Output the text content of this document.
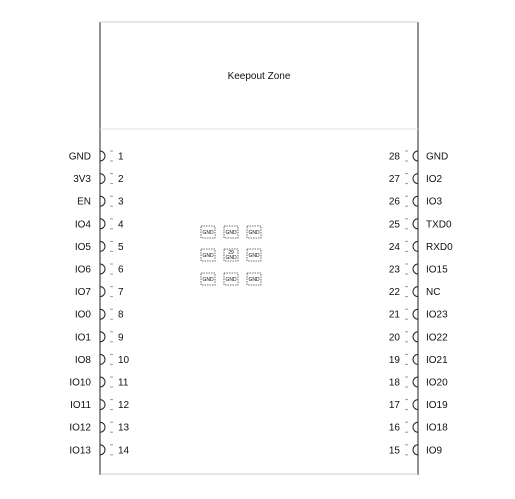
Keepout Zone
GND	1
3V3	2
EN	3
IO4	4
IO5	5
IO6	6
IO7	7
IO0	8
IO1	9
IO8	10
IO10	11
IO11	12
IO12	13
IO13	14
28	GND
27	IO2
26	IO3
25	TXD0
24	RXD0
23	IO15
22	NC
21	IO23
20	IO22
19	IO21
18	IO20
17	IO19
16	IO18
15	IO9
GND GND GND
GND	29
GND GND
GND GND GND
